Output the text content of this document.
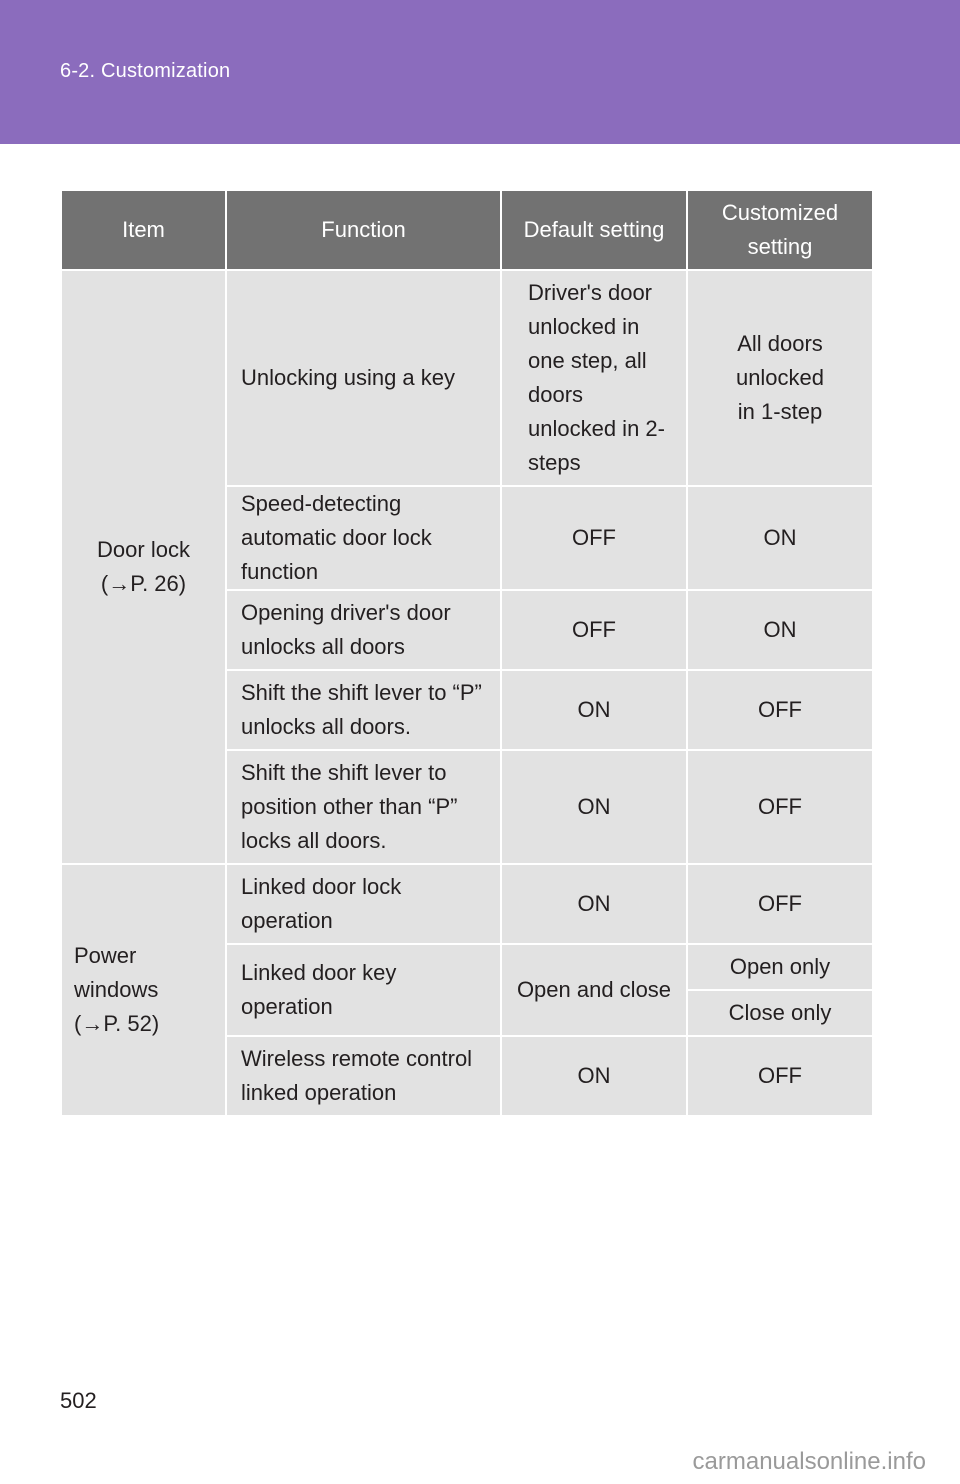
6-2. Customization
Item	Function	Default setting	Customized setting

Door lock (→P. 26)	Unlocking using a key	Driver's door unlocked in one step, all doors unlocked in 2-steps	All doors unlocked in 1-step

	Speed-detecting automatic door lock function	OFF	ON

	Opening driver's door unlocks all doors	OFF	ON

	Shift the shift lever to “P” unlocks all doors.	ON	OFF

	Shift the shift lever to position other than “P” locks all doors.	ON	OFF

Power windows (→P. 52)	Linked door lock operation	ON	OFF

	Linked door key operation	Open and close	Open only
			Close only

	Wireless remote control linked operation	ON	OFF
502
carmanualsonline.info
